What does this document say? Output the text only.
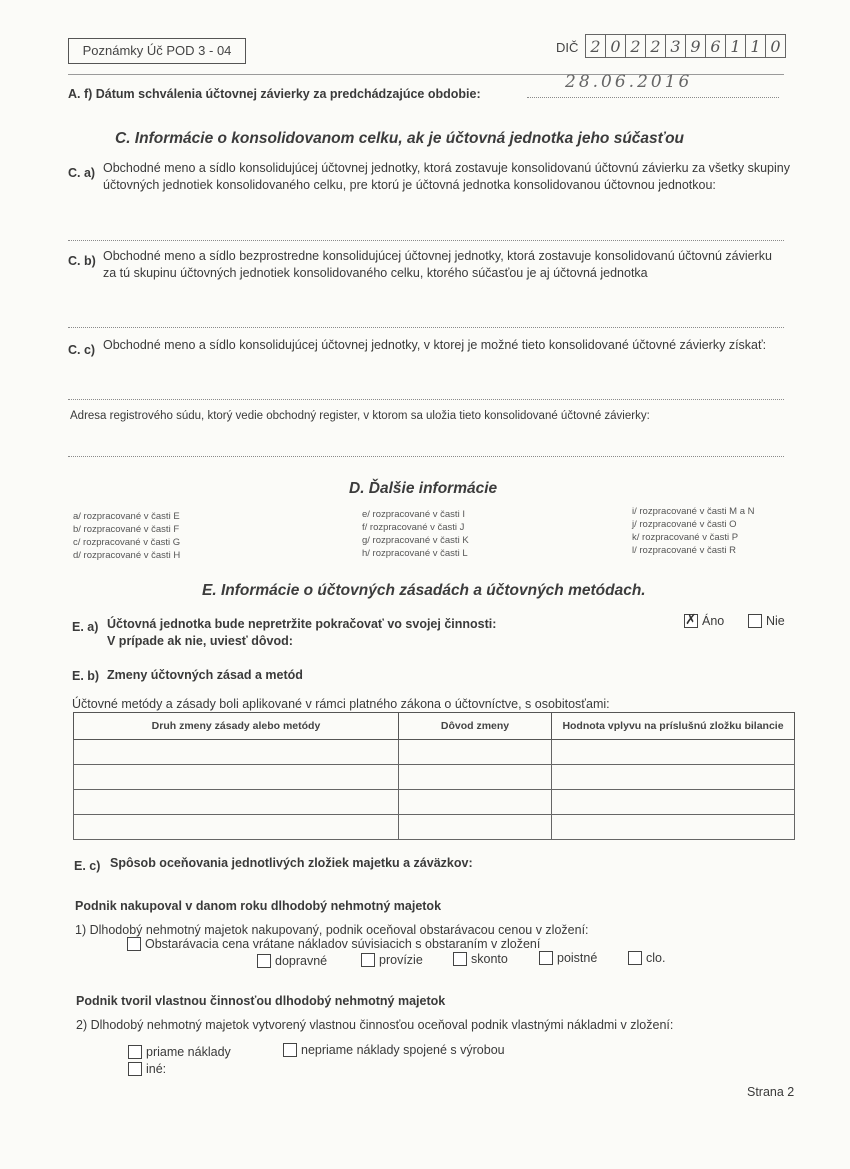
Poznámky Úč POD 3 - 04	DIČ 2 0 2 2 3 9 6 1 1 0
A. f) Dátum schválenia účtovnej závierky za predchádzajúce obdobie:
28.06.2016
C. Informácie o konsolidovanom celku, ak je účtovná jednotka jeho súčasťou
C. a) Obchodné meno a sídlo konsolidujúcej účtovnej jednotky, ktorá zostavuje konsolidovanú účtovnú závierku za všetky skupiny účtovných jednotiek konsolidovaného celku, pre ktorú je účtovná jednotka konsolidovanou účtovnou jednotkou:
C. b) Obchodné meno a sídlo bezprostredne konsolidujúcej účtovnej jednotky, ktorá zostavuje konsolidovanú účtovnú závierku za tú skupinu účtovných jednotiek konsolidovaného celku, ktorého súčasťou je aj účtovná jednotka
C. c) Obchodné meno a sídlo konsolidujúcej účtovnej jednotky, v ktorej je možné tieto konsolidované účtovné závierky získať:
Adresa registrového súdu, ktorý vedie obchodný register, v ktorom sa uložia tieto konsolidované účtovné závierky:
D. Ďalšie informácie
a/ rozpracované v časti E
b/ rozpracované v časti F
c/ rozpracované v časti G
d/ rozpracované v časti H
e/ rozpracované v časti I
f/ rozpracované v časti J
g/ rozpracované v časti K
h/ rozpracované v časti L
i/ rozpracované v časti M a N
j/ rozpracované v časti O
k/ rozpracované v časti P
l/ rozpracované v časti R
E. Informácie o účtovných zásadách a účtovných metódach.
E. a) Účtovná jednotka bude nepretržite pokračovať vo svojej činnosti:
V prípade ak nie, uviesť dôvod:
✗
Áno	Nie
E. b) Zmeny účtovných zásad a metód
Účtovné metódy a zásady boli aplikované v rámci platného zákona o účtovníctve, s osobitosťami:
Druh zmeny zásady alebo metódy	Dôvod zmeny	Hodnota vplyvu na príslušnú zložku bilancie

E. c) Spôsob oceňovania jednotlivých zložiek majetku a záväzkov:
Podnik nakupoval v danom roku dlhodobý nehmotný majetok
1) Dlhodobý nehmotný majetok nakupovaný, podnik oceňoval obstarávacou cenou v zložení:
Obstarávacia cena vrátane nákladov súvisiacich s obstaraním v zložení
dopravné	provízie	skonto	poistné	clo.
Podnik tvoril vlastnou činnosťou dlhodobý nehmotný majetok
2) Dlhodobý nehmotný majetok vytvorený vlastnou činnosťou oceňoval podnik vlastnými nákladmi v zložení:
priame náklady	nepriame náklady spojené s výrobou
iné:
Strana 2
